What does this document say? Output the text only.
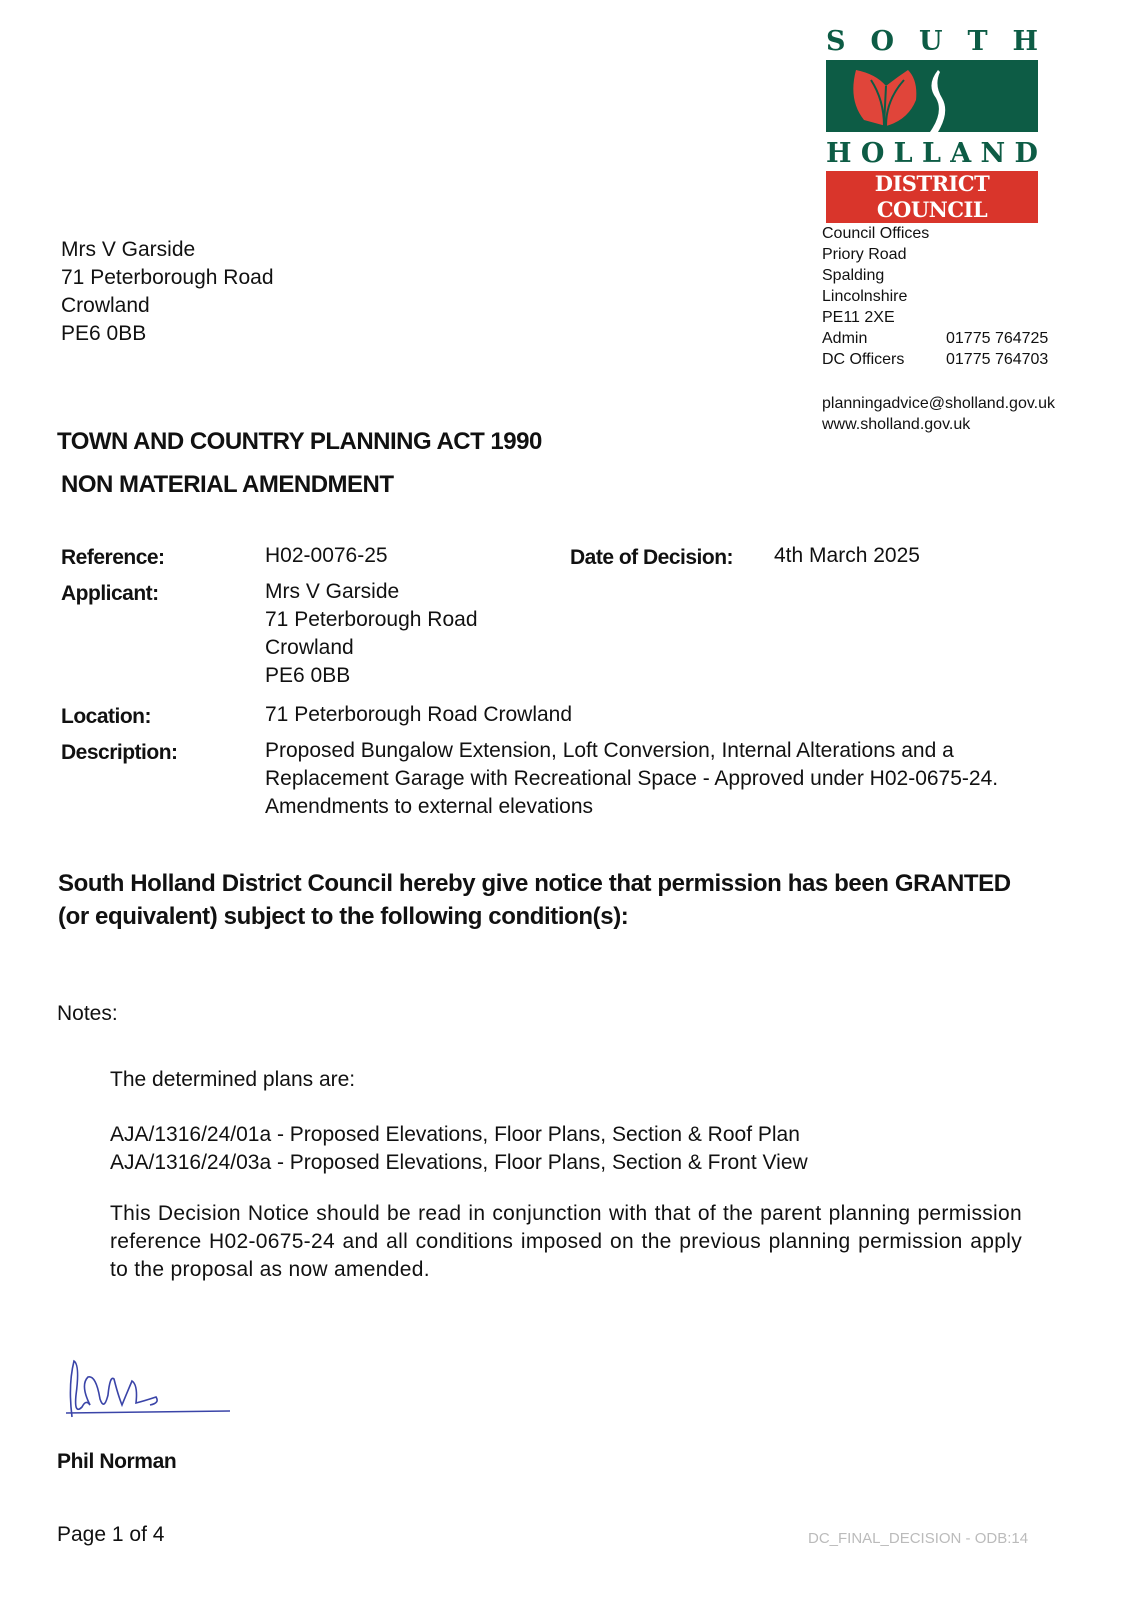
S O U T H
H O L L A N D
DISTRICT COUNCIL
Mrs V Garside
71 Peterborough Road
Crowland
PE6 0BB
Council Offices
Priory Road
Spalding
Lincolnshire
PE11 2XE
Admin	01775 764725
DC Officers	01775 764703
planningadvice@sholland.gov.uk
www.sholland.gov.uk
TOWN AND COUNTRY PLANNING ACT 1990
NON MATERIAL AMENDMENT
Reference:	H02-0076-25	Date of Decision: 4th March 2025
Applicant:	Mrs V Garside
71 Peterborough Road
Crowland
PE6 0BB
Location:	71 Peterborough Road Crowland
Description:	Proposed Bungalow Extension, Loft Conversion, Internal Alterations and a
Replacement Garage with Recreational Space - Approved under H02-0675-24.
Amendments to external elevations
South Holland District Council hereby give notice that permission has been GRANTED
(or equivalent) subject to the following condition(s):
Notes:
The determined plans are:
AJA/1316/24/01a - Proposed Elevations, Floor Plans, Section & Roof Plan
AJA/1316/24/03a - Proposed Elevations, Floor Plans, Section & Front View
This Decision Notice should be read in conjunction with that of the parent planning permission reference H02-0675-24 and all conditions imposed on the previous planning permission apply to the proposal as now amended.
Phil Norman
Page 1 of 4	DC_FINAL_DECISION - ODB:14
